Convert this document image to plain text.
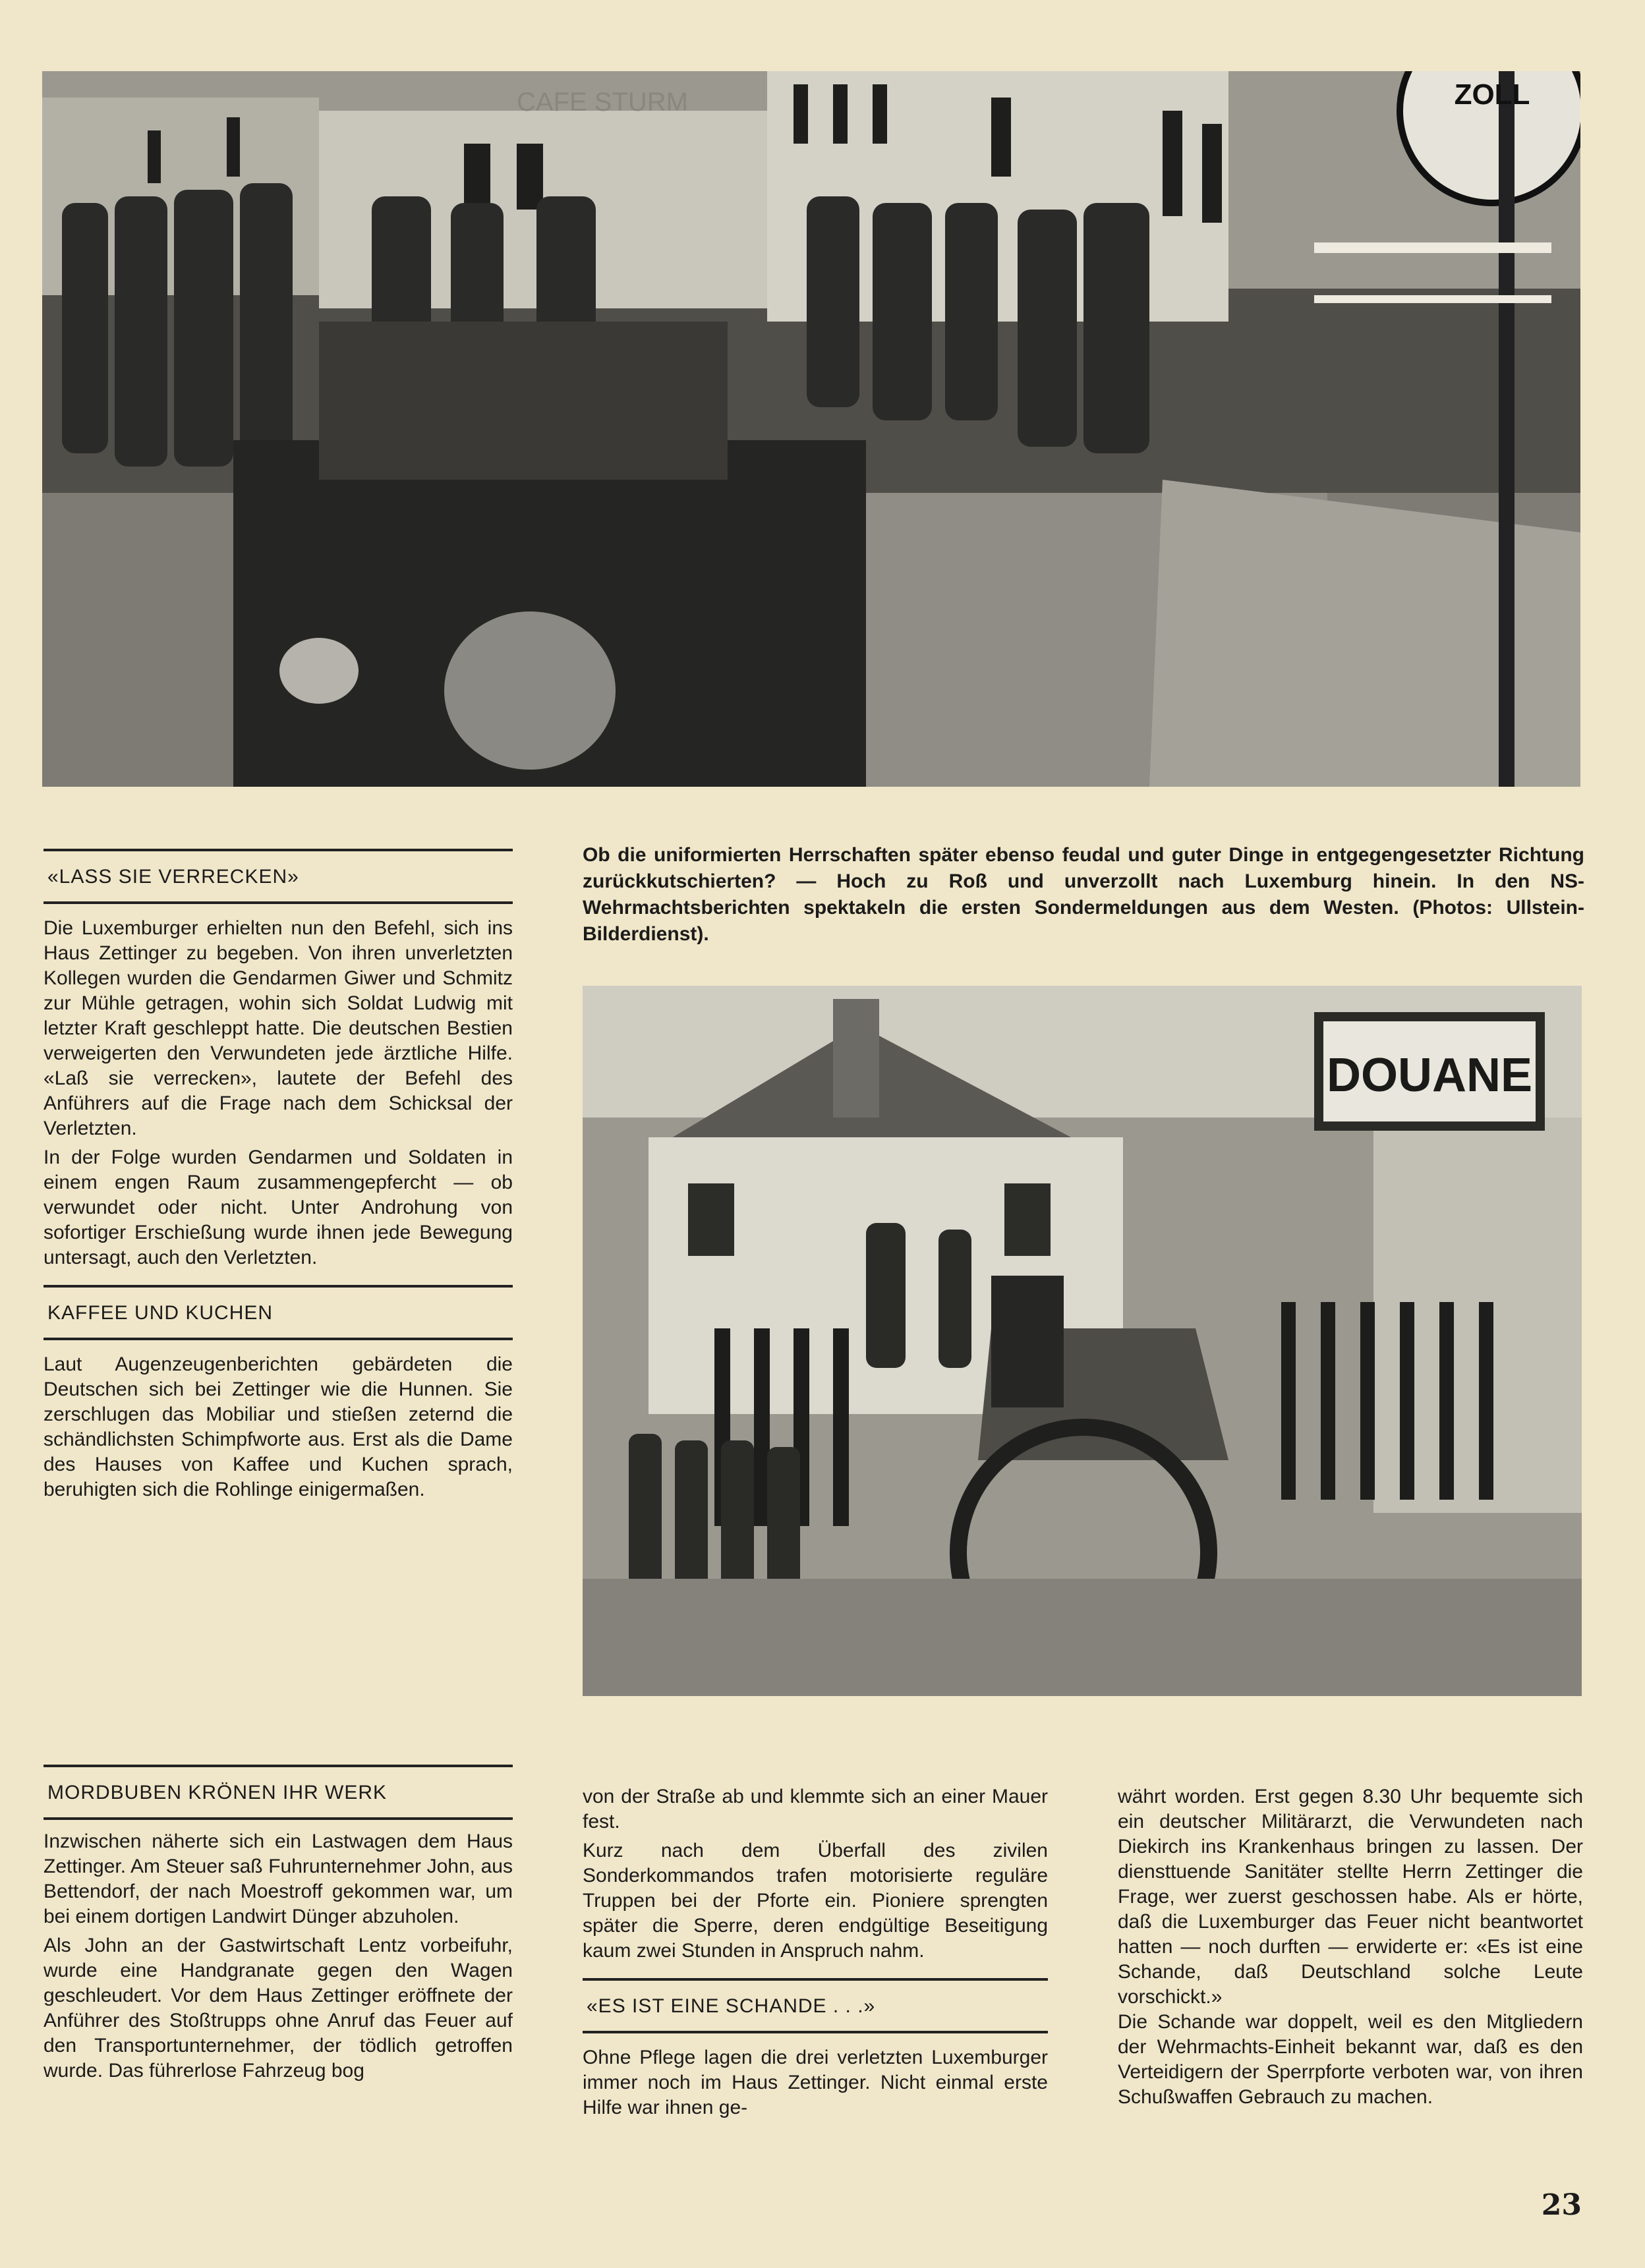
ZOLL
CAFE STURM
«LASS SIE VERRECKEN»

Die Luxemburger erhielten nun den Befehl, sich ins Haus Zettinger zu begeben. Von ihren unverletzten Kollegen wurden die Gendarmen Giwer und Schmitz zur Mühle getragen, wohin sich Soldat Ludwig mit letzter Kraft geschleppt hatte. Die deutschen Bestien verweigerten den Verwundeten jede ärztliche Hilfe. «Laß sie verrecken», lautete der Befehl des Anführers auf die Frage nach dem Schicksal der Verletzten.

In der Folge wurden Gendarmen und Soldaten in einem engen Raum zusammengepfercht — ob verwundet oder nicht. Unter Androhung von sofortiger Erschießung wurde ihnen jede Bewegung untersagt, auch den Verletzten.

KAFFEE UND KUCHEN

Laut Augenzeugenberichten gebärdeten die Deutschen sich bei Zettinger wie die Hunnen. Sie zerschlugen das Mobiliar und stießen zeternd die schändlichsten Schimpfworte aus. Erst als die Dame des Hauses von Kaffee und Kuchen sprach, beruhigten sich die Rohlinge einigermaßen.

Ob die uniformierten Herrschaften später ebenso feudal und guter Dinge in entgegengesetzter Richtung zurückkutschierten? — Hoch zu Roß und unverzollt nach Luxemburg hinein. In den NS-Wehrmachtsberichten spektakeln die ersten Sondermeldungen aus dem Westen. (Photos: Ullstein-Bilderdienst).
DOUANE
MORDBUBEN KRÖNEN IHR WERK

Inzwischen näherte sich ein Lastwagen dem Haus Zettinger. Am Steuer saß Fuhrunternehmer John, aus Bettendorf, der nach Moestroff gekommen war, um bei einem dortigen Landwirt Dünger abzuholen.

Als John an der Gastwirtschaft Lentz vorbeifuhr, wurde eine Handgranate gegen den Wagen geschleudert. Vor dem Haus Zettinger eröffnete der Anführer des Stoßtrupps ohne Anruf das Feuer auf den Transportunternehmer, der tödlich getroffen wurde. Das führerlose Fahrzeug bog

von der Straße ab und klemmte sich an einer Mauer fest.

Kurz nach dem Überfall des zivilen Sonderkommandos trafen motorisierte reguläre Truppen bei der Pforte ein. Pioniere sprengten später die Sperre, deren endgültige Beseitigung kaum zwei Stunden in Anspruch nahm.

«ES IST EINE SCHANDE . . .»

Ohne Pflege lagen die drei verletzten Luxemburger immer noch im Haus Zettinger. Nicht einmal erste Hilfe war ihnen ge-

währt worden. Erst gegen 8.30 Uhr bequemte sich ein deutscher Militärarzt, die Verwundeten nach Diekirch ins Krankenhaus bringen zu lassen. Der diensttuende Sanitäter stellte Herrn Zettinger die Frage, wer zuerst geschossen habe. Als er hörte, daß die Luxemburger das Feuer nicht beantwortet hatten — noch durften — erwiderte er: «Es ist eine Schande, daß Deutschland solche Leute vorschickt.»

Die Schande war doppelt, weil es den Mitgliedern der Wehrmachts-Einheit bekannt war, daß es den Verteidigern der Sperrpforte verboten war, von ihren Schußwaffen Gebrauch zu machen.

23
